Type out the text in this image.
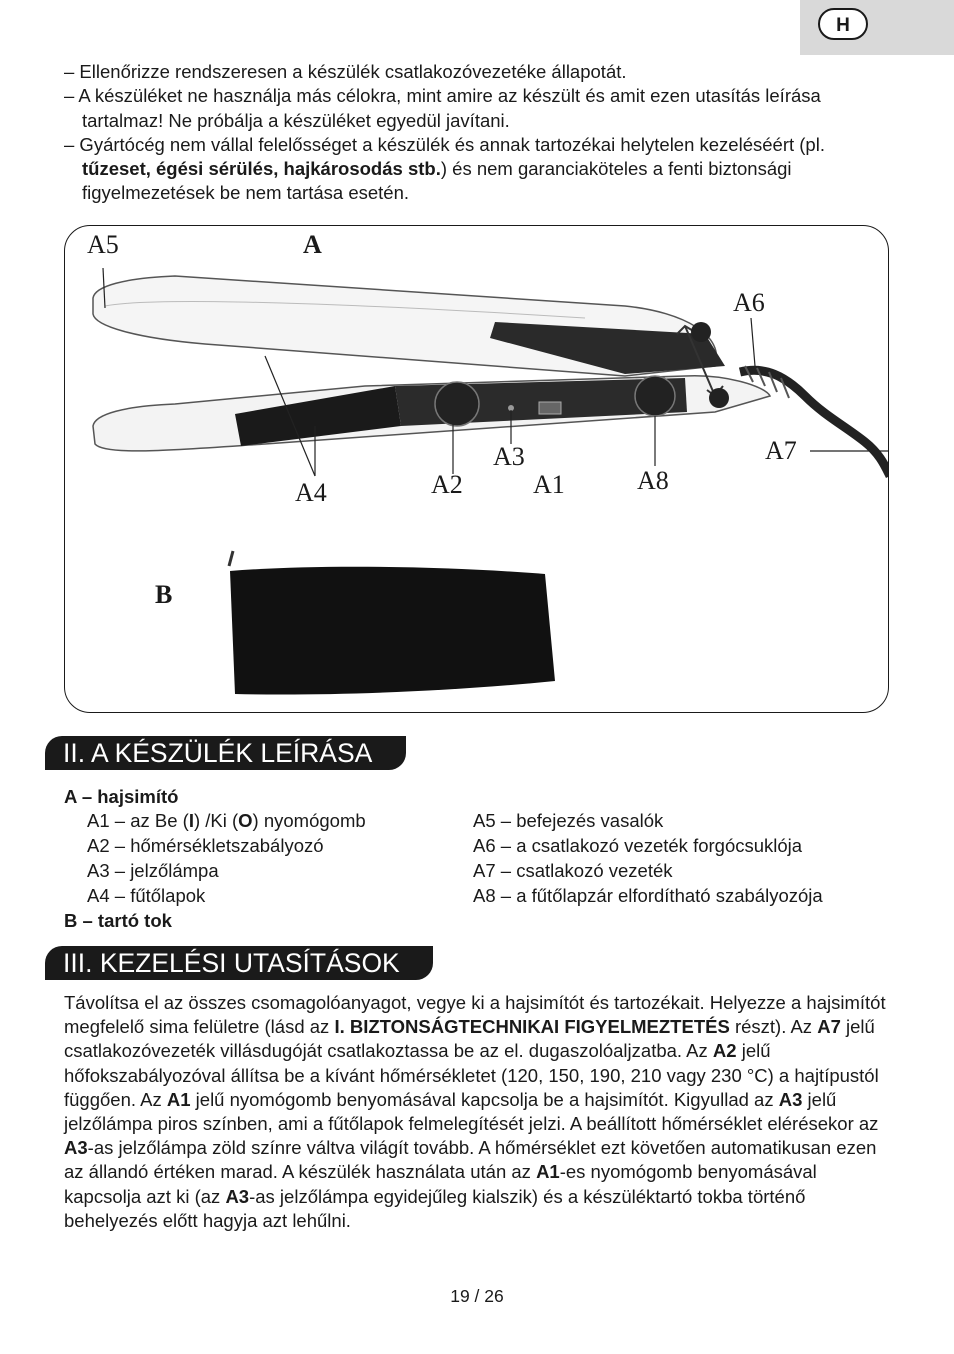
H

– Ellenőrizze rendszeresen a készülék csatlakozóvezetéke állapotát.

– A készüléket ne használja más célokra, mint amire az készült és amit ezen utasítás leírása tartalmaz! Ne próbálja a készüléket egyedül javítani.

– Gyártócég nem vállal felelősséget a készülék és annak tartozékai helytelen kezeléséért (pl. tűzeset, égési sérülés, hajkárosodás stb.) és nem garanciaköteles a fenti biztonsági figyelmezetések be nem tartása esetén.

A5	A
A6
A7
A3
A4	A2	A1	A8
B
II. A KÉSZÜLÉK LEÍRÁSA
A – hajsimító
A1 – az Be (I) /Ki (O) nyomógomb
A2 – hőmérsékletszabályozó
A3 – jelzőlámpa
A4 – fűtőlapok
A5 – befejezés vasalók
A6 – a csatlakozó vezeték forgócsuklója
A7 – csatlakozó vezeték
A8 – a fűtőlapzár elfordítható szabályozója
B – tartó tok
III. KEZELÉSI UTASÍTÁSOK

Távolítsa el az összes csomagolóanyagot, vegye ki a hajsimítót és tartozékait. Helyezze a hajsimítót megfelelő sima felületre (lásd az I. BIZTONSÁGTECHNIKAI FIGYELMEZTETÉS részt). Az A7 jelű csatlakozóvezeték villásdugóját csatlakoztassa be az el. dugaszolóaljzatba. Az A2 jelű hőfokszabályozóval állítsa be a kívánt hőmérsékletet (120, 150, 190, 210 vagy 230 °C) a hajtípustól függően. Az A1 jelű nyomógomb benyomásával kapcsolja be a hajsimítót. Kigyullad az A3 jelű jelzőlámpa piros színben, ami a fűtőlapok felmelegítését jelzi. A beállított hőmérséklet elérésekor az A3-as jelzőlámpa zöld színre váltva világít tovább. A hőmérséklet ezt követően automatikusan ezen az állandó értéken marad. A készülék használata után az A1-es nyomógomb benyomásával kapcsolja azt ki (az A3-as jelzőlámpa egyidejűleg kialszik) és a készüléktartó tokba történő behelyezés előtt hagyja azt lehűlni.

19 / 26
